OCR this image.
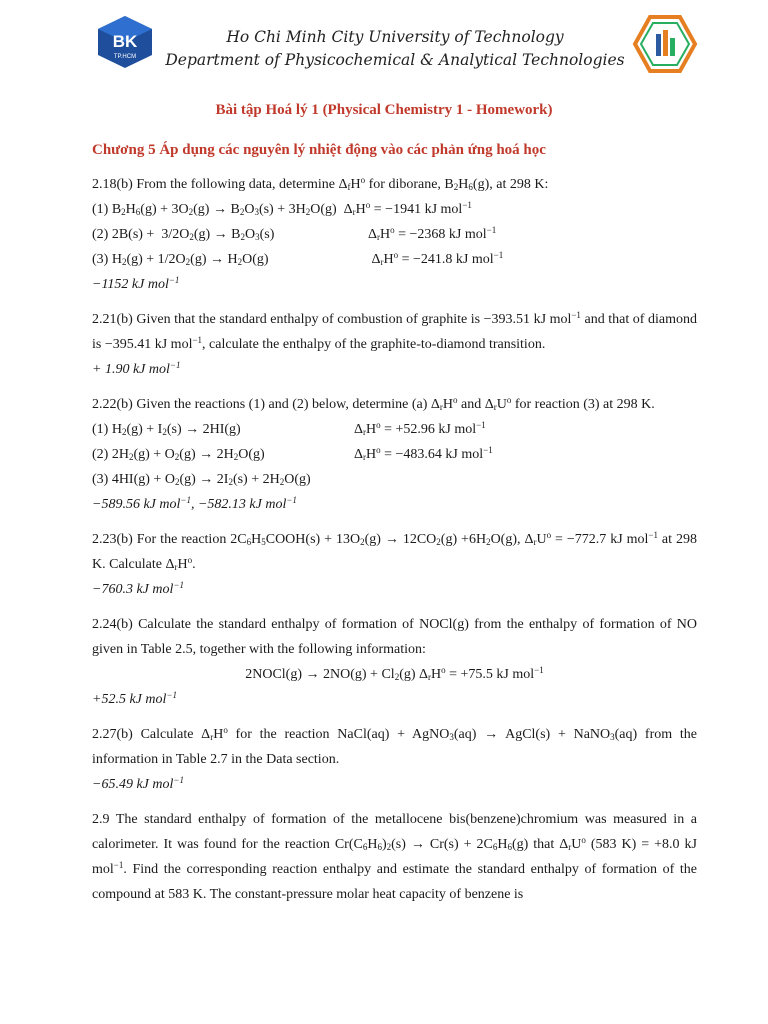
BK
TP.HCM
Ho Chi Minh City University of Technology
Department of Physicochemical & Analytical Technologies
Bài tập Hoá lý 1 (Physical Chemistry 1 - Homework)
Chương 5 Áp dụng các nguyên lý nhiệt động vào các phản ứng hoá học
2.18(b) From the following data, determine $\Delta_fH^o$ for diborane, $B_2H_6(g)$, at 298 K:
(1) $B_2H_6(g) + 3O_2(g) \to B_2O_3(s) + 3H_2O(g) \Delta_rH^o = -1941$ kJ mol$^{-1}$
(2) $2B(s) + 3/2O_2(g) \to B_2O_3(s)$	$\Delta_rH^o = -2368$ kJ mol$^{-1}$
(3) $H_2(g) + 1/2O_2(g) \to H_2O(g)$	$\Delta_rH^o = -241.8$ kJ mol$^{-1}$
−1152 kJ mol$^{-1}$
2.21(b) Given that the standard enthalpy of combustion of graphite is −393.51 kJ mol$^{-1}$ and that of diamond is −395.41 kJ mol$^{-1}$, calculate the enthalpy of the graphite-to-diamond transition.
+ 1.90 kJ mol$^{-1}$
2.22(b) Given the reactions (1) and (2) below, determine (a) $\Delta_rH^o$ and $\Delta_rU^o$ for reaction (3) at 298 K.
(1) $H_2(g) + I_2(s) \to 2HI(g)$	$\Delta_rH^o = +52.96$ kJ mol$^{-1}$
(2) $2H_2(g) + O_2(g) \to 2H_2O(g)$	$\Delta_rH^o = -483.64$ kJ mol$^{-1}$
(3) $4HI(g) + O_2(g) \to 2I_2(s) + 2H_2O(g)$
−589.56 kJ mol$^{-1}$, −582.13 kJ mol$^{-1}$
2.23(b) For the reaction $2C_6H_5COOH(s) + 13O_2(g) \to 12CO_2(g) +6H_2O(g)$, $\Delta_rU^o = -772.7$ kJ mol$^{-1}$ at 298 K. Calculate $\Delta_rH^o$.
−760.3 kJ mol$^{-1}$
2.24(b) Calculate the standard enthalpy of formation of NOCl(g) from the enthalpy of formation of NO given in Table 2.5, together with the following information:
2NOCl(g) → $2NO(g) + Cl_2(g) \Delta_rH^o = +75.5$ kJ mol$^{-1}$
+52.5 kJ mol$^{-1}$
2.27(b) Calculate $\Delta_rH^o$ for the reaction NaCl(aq) + AgNO$_3$(aq) → AgCl(s) + NaNO$_3$(aq) from the information in Table 2.7 in the Data section.
−65.49 kJ mol$^{-1}$
2.9 The standard enthalpy of formation of the metallocene bis(benzene)chromium was measured in a calorimeter. It was found for the reaction $Cr(C_6H_6)_2(s) \to Cr(s) + 2C_6H_6(g)$ that $\Delta_rU^o$ (583 K) = +8.0 kJ mol$^{-1}$. Find the corresponding reaction enthalpy and estimate the standard enthalpy of formation of the compound at 583 K. The constant-pressure molar heat capacity of benzene is
